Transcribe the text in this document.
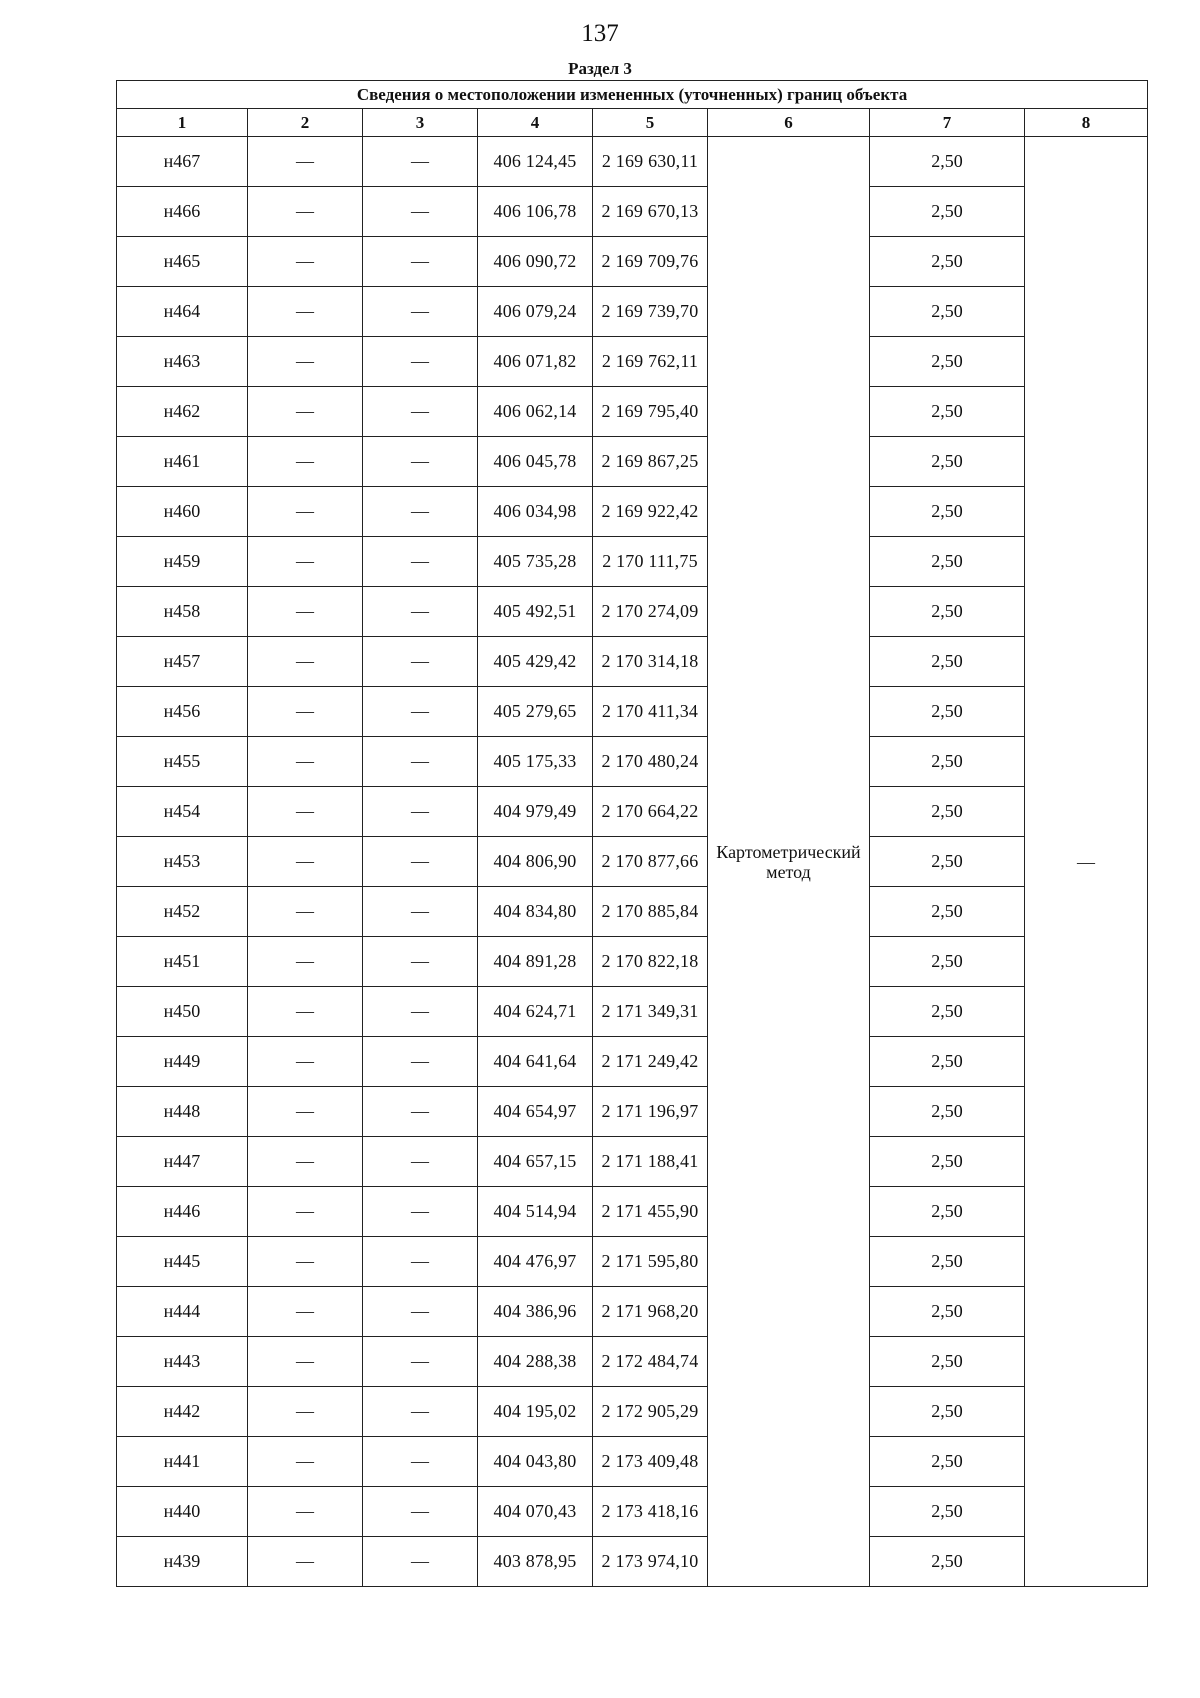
137
Раздел 3
Сведения о местоположении измененных (уточненных) границ объекта							
1	2	3	4	5	6	7	8
н467	—	—	406 124,45	2 169 630,11	Картометрический метод	2,50	—
н466	—	—	406 106,78	2 169 670,13		2,50	
н465	—	—	406 090,72	2 169 709,76		2,50	
н464	—	—	406 079,24	2 169 739,70		2,50	
н463	—	—	406 071,82	2 169 762,11		2,50	
н462	—	—	406 062,14	2 169 795,40		2,50	
н461	—	—	406 045,78	2 169 867,25		2,50	
н460	—	—	406 034,98	2 169 922,42		2,50	
н459	—	—	405 735,28	2 170 111,75		2,50	
н458	—	—	405 492,51	2 170 274,09		2,50	
н457	—	—	405 429,42	2 170 314,18		2,50	
н456	—	—	405 279,65	2 170 411,34		2,50	
н455	—	—	405 175,33	2 170 480,24		2,50	
н454	—	—	404 979,49	2 170 664,22		2,50	
н453	—	—	404 806,90	2 170 877,66		2,50	
н452	—	—	404 834,80	2 170 885,84		2,50	
н451	—	—	404 891,28	2 170 822,18		2,50	
н450	—	—	404 624,71	2 171 349,31		2,50	
н449	—	—	404 641,64	2 171 249,42		2,50	
н448	—	—	404 654,97	2 171 196,97		2,50	
н447	—	—	404 657,15	2 171 188,41		2,50	
н446	—	—	404 514,94	2 171 455,90		2,50	
н445	—	—	404 476,97	2 171 595,80		2,50	
н444	—	—	404 386,96	2 171 968,20		2,50	
н443	—	—	404 288,38	2 172 484,74		2,50	
н442	—	—	404 195,02	2 172 905,29		2,50	
н441	—	—	404 043,80	2 173 409,48		2,50	
н440	—	—	404 070,43	2 173 418,16		2,50	
н439	—	—	403 878,95	2 173 974,10		2,50	
